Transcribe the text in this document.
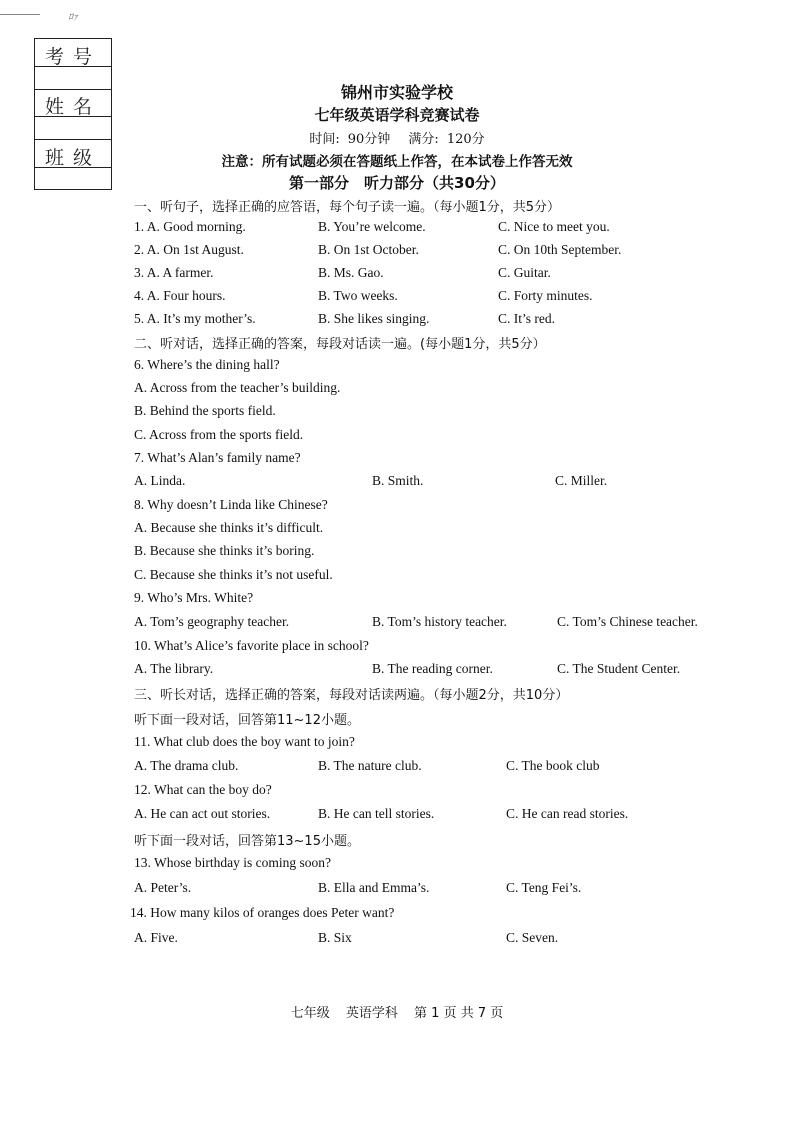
ﾛｧ
考号
姓名
班级
锦州市实验学校
七年级英语学科竞赛试卷
时间: 90分钟 满分: 120分
注意：所有试题必须在答题纸上作答，在本试卷上作答无效
第一部分　听力部分（共30分）
一、听句子，选择正确的应答语，每个句子读一遍。（每小题1分，共5分）
1. A. Good morning.	B. You’re welcome.	C. Nice to meet you.
2. A. On 1st August.	B. On 1st October.	C. On 10th September.
3. A. A farmer.	B. Ms. Gao.	C. Guitar.
4. A. Four hours.	B. Two weeks.	C. Forty minutes.
5. A. It’s my mother’s.	B. She likes singing.	C. It’s red.
二、听对话，选择正确的答案，每段对话读一遍。(每小题1分，共5分）
6. Where’s the dining hall?
A. Across from the teacher’s building.
B. Behind the sports field.
C. Across from the sports field.
7. What’s Alan’s family name?
A. Linda.	B. Smith.	C. Miller.
8. Why doesn’t Linda like Chinese?
A. Because she thinks it’s difficult.
B. Because she thinks it’s boring.
C. Because she thinks it’s not useful.
9. Who’s Mrs. White?
A. Tom’s geography teacher.	B. Tom’s history teacher.	C. Tom’s Chinese teacher.
10. What’s Alice’s favorite place in school?
A. The library.	B. The reading corner.	C. The Student Center.
三、听长对话，选择正确的答案，每段对话读两遍。（每小题2分，共10分）
听下面一段对话，回答第11~12小题。
11. What club does the boy want to join?
A. The drama club.	B. The nature club.	C. The book club
12. What can the boy do?
A. He can act out stories.	B. He can tell stories.	C. He can read stories.
听下面一段对话，回答第13~15小题。
13. Whose birthday is coming soon?
A. Peter’s.	B. Ella and Emma’s.	C. Teng Fei’s.
14. How many kilos of oranges does Peter want?
A. Five.	B. Six	C. Seven.
七年级 英语学科 第 1 页 共 7 页
